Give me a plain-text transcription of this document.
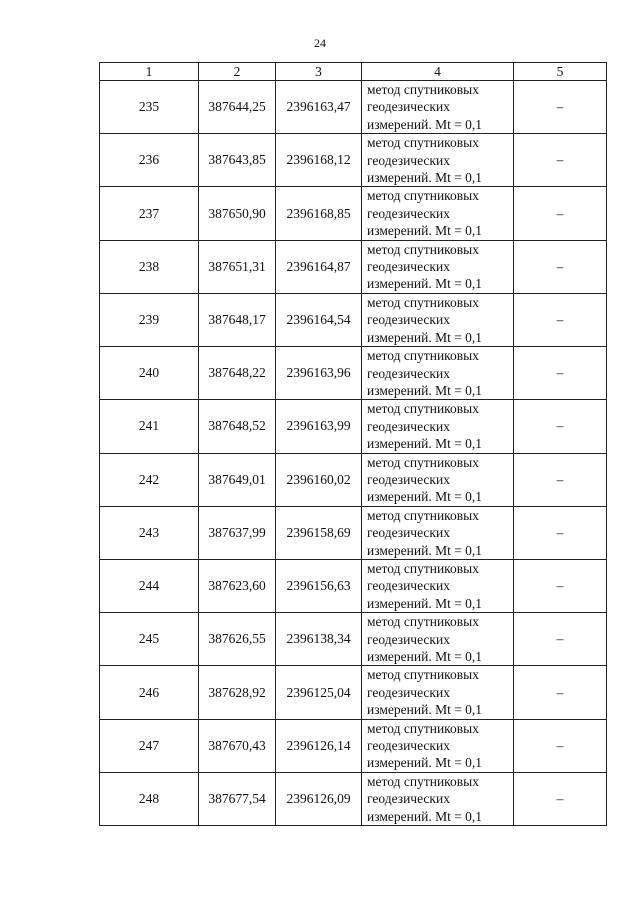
24
1	2	3	4	5
235	387644,25	2396163,47	метод спутниковых
геодезических
измерений. Mt = 0,1	–
236	387643,85	2396168,12	метод спутниковых
геодезических
измерений. Mt = 0,1	–
237	387650,90	2396168,85	метод спутниковых
геодезических
измерений. Mt = 0,1	–
238	387651,31	2396164,87	метод спутниковых
геодезических
измерений. Mt = 0,1	–
239	387648,17	2396164,54	метод спутниковых
геодезических
измерений. Mt = 0,1	–
240	387648,22	2396163,96	метод спутниковых
геодезических
измерений. Mt = 0,1	–
241	387648,52	2396163,99	метод спутниковых
геодезических
измерений. Mt = 0,1	–
242	387649,01	2396160,02	метод спутниковых
геодезических
измерений. Mt = 0,1	–
243	387637,99	2396158,69	метод спутниковых
геодезических
измерений. Mt = 0,1	–
244	387623,60	2396156,63	метод спутниковых
геодезических
измерений. Mt = 0,1	–
245	387626,55	2396138,34	метод спутниковых
геодезических
измерений. Mt = 0,1	–
246	387628,92	2396125,04	метод спутниковых
геодезических
измерений. Mt = 0,1	–
247	387670,43	2396126,14	метод спутниковых
геодезических
измерений. Mt = 0,1	–
248	387677,54	2396126,09	метод спутниковых
геодезических
измерений. Mt = 0,1	–
